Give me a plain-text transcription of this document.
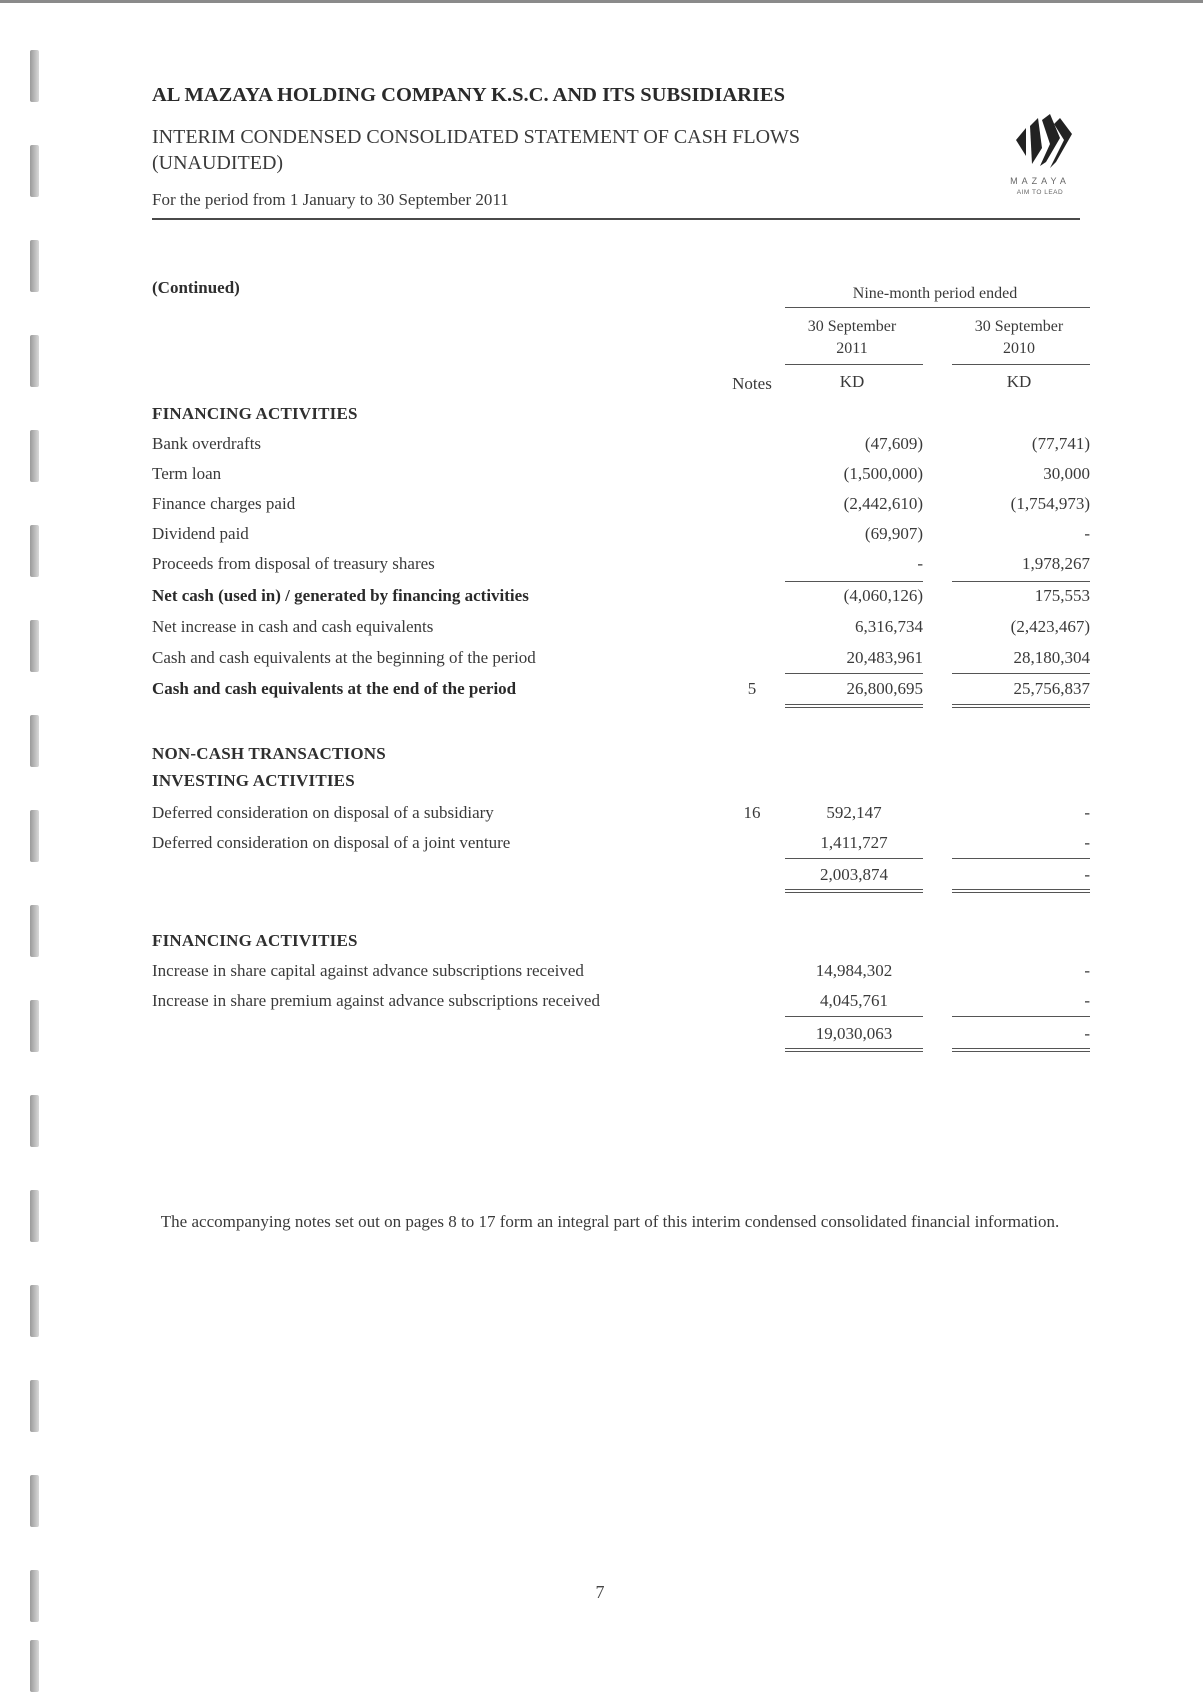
AL MAZAYA HOLDING COMPANY K.S.C. AND ITS SUBSIDIARIES
INTERIM CONDENSED CONSOLIDATED STATEMENT OF CASH FLOWS (UNAUDITED)
For the period from 1 January to 30 September 2011
MAZAYA
AIM TO LEAD
(Continued)	Nine-month period ended
30 September
2011
30 September
2010
Notes	KD	KD
FINANCING ACTIVITIES
Bank overdrafts	(47,609)	(77,741)
Term loan	(1,500,000)	30,000
Finance charges paid	(2,442,610)	(1,754,973)
Dividend paid	(69,907)	-
Proceeds from disposal of treasury shares	-	1,978,267
Net cash (used in) / generated by financing activities	(4,060,126)	175,553
Net increase in cash and cash equivalents	6,316,734	(2,423,467)
Cash and cash equivalents at the beginning of the period	20,483,961	28,180,304
Cash and cash equivalents at the end of the period	5	26,800,695	25,756,837
NON-CASH TRANSACTIONS
INVESTING ACTIVITIES
Deferred consideration on disposal of a subsidiary	16	592,147	-
Deferred consideration on disposal of a joint venture	1,411,727	-
2,003,874	-
FINANCING ACTIVITIES
Increase in share capital against advance subscriptions received	14,984,302	-
Increase in share premium against advance subscriptions received	4,045,761	-
19,030,063	-
The accompanying notes set out on pages 8 to 17 form an integral part of this interim condensed consolidated financial information.
7
